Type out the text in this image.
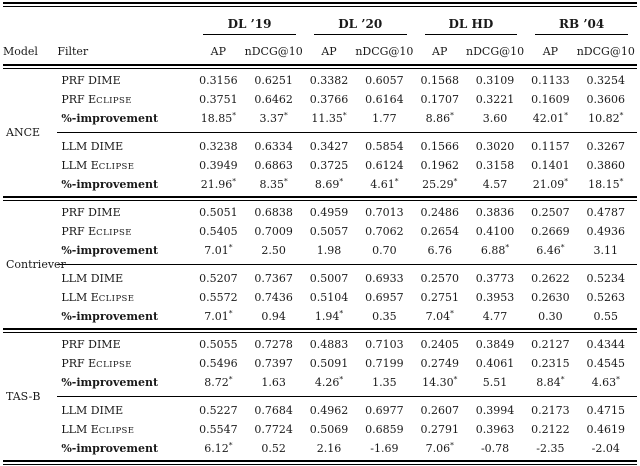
		DL ’19		DL ’20		DL HD		RB ’04	

Model	Filter	AP	nDCG@10	AP	nDCG@10	AP	nDCG@10	AP	nDCG@10

ANCE	PRF DIME	0.3156	0.6251	0.3382	0.6057	0.1568	0.3109	0.1133	0.3254
	PRF ECLIPSE	0.3751	0.6462	0.3766	0.6164	0.1707	0.3221	0.1609	0.3606
	%-improvement	18.85*	3.37*	11.35*	1.77	8.86*	3.60	42.01*	10.82*

	LLM DIME	0.3238	0.6334	0.3427	0.5854	0.1566	0.3020	0.1157	0.3267
	LLM ECLIPSE	0.3949	0.6863	0.3725	0.6124	0.1962	0.3158	0.1401	0.3860
	%-improvement	21.96*	8.35*	8.69*	4.61*	25.29*	4.57	21.09*	18.15*

Contriever	PRF DIME	0.5051	0.6838	0.4959	0.7013	0.2486	0.3836	0.2507	0.4787
	PRF ECLIPSE	0.5405	0.7009	0.5057	0.7062	0.2654	0.4100	0.2669	0.4936
	%-improvement	7.01*	2.50	1.98	0.70	6.76	6.88*	6.46*	3.11

	LLM DIME	0.5207	0.7367	0.5007	0.6933	0.2570	0.3773	0.2622	0.5234
	LLM ECLIPSE	0.5572	0.7436	0.5104	0.6957	0.2751	0.3953	0.2630	0.5263
	%-improvement	7.01*	0.94	1.94*	0.35	7.04*	4.77	0.30	0.55

TAS-B	PRF DIME	0.5055	0.7278	0.4883	0.7103	0.2405	0.3849	0.2127	0.4344
	PRF ECLIPSE	0.5496	0.7397	0.5091	0.7199	0.2749	0.4061	0.2315	0.4545
	%-improvement	8.72*	1.63	4.26*	1.35	14.30*	5.51	8.84*	4.63*

	LLM DIME	0.5227	0.7684	0.4962	0.6977	0.2607	0.3994	0.2173	0.4715
	LLM ECLIPSE	0.5547	0.7724	0.5069	0.6859	0.2791	0.3963	0.2122	0.4619
	%-improvement	6.12*	0.52	2.16	-1.69	7.06*	-0.78	-2.35	-2.04
